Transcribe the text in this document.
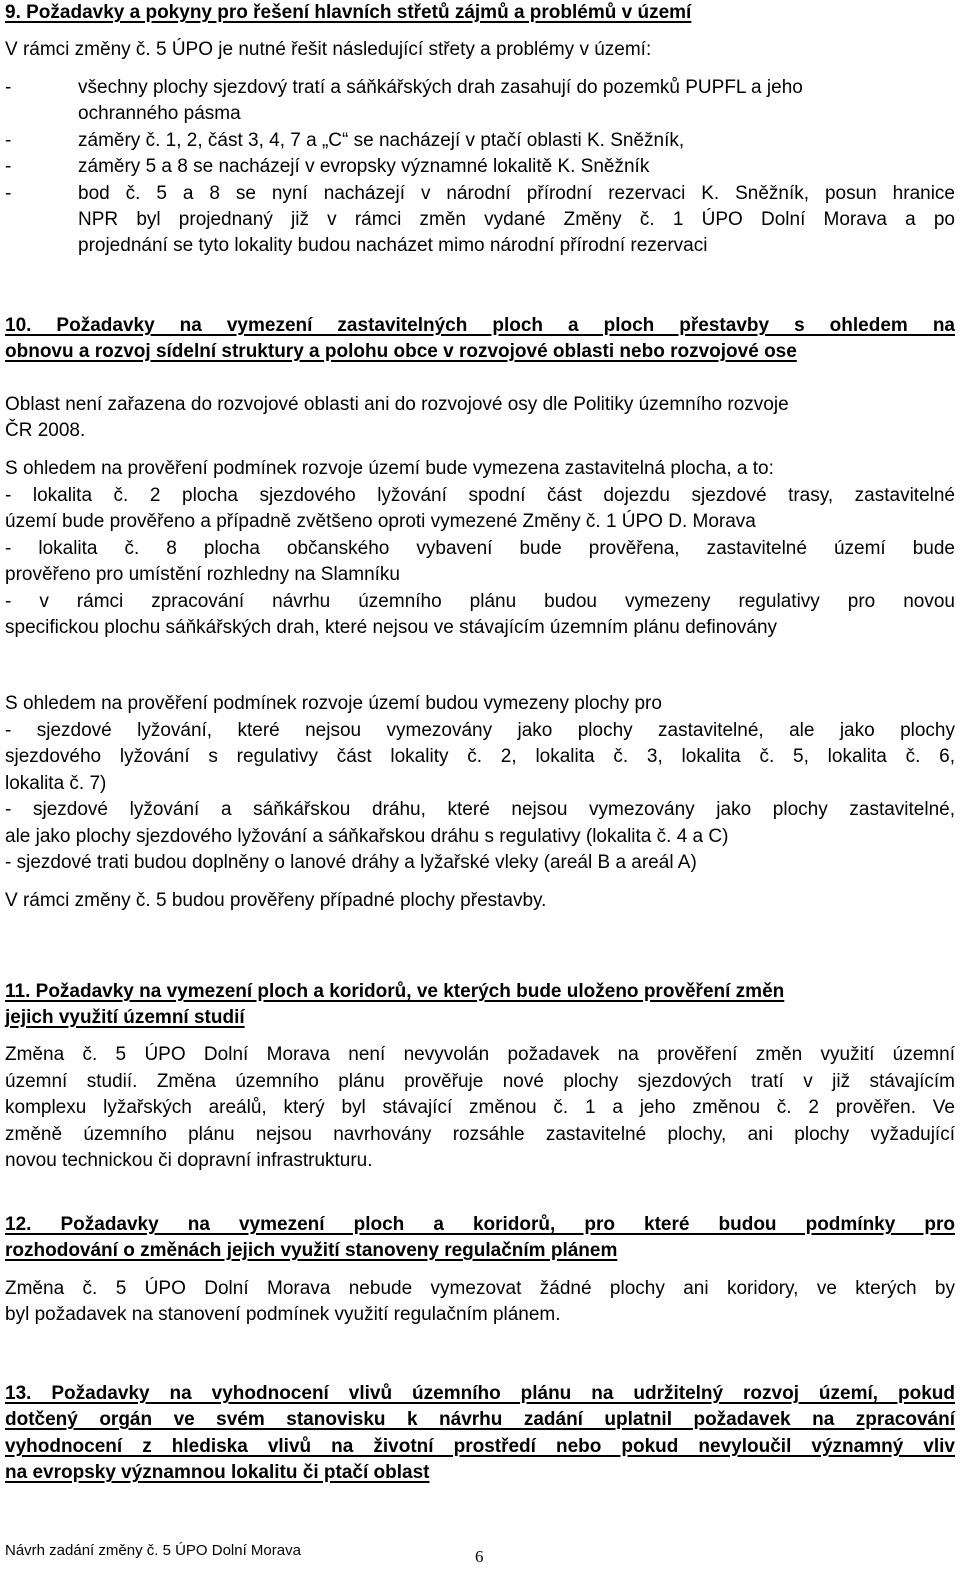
9. Požadavky a pokyny pro řešení hlavních střetů zájmů a problémů v území
V rámci změny č. 5 ÚPO je nutné řešit následující střety a problémy v území:
-	všechny plochy sjezdový tratí a sáňkářských drah zasahují do pozemků PUPFL a jeho
ochranného pásma
-	záměry č. 1, 2, část 3, 4, 7 a „C“ se nacházejí v ptačí oblasti K. Sněžník,
-	záměry 5 a 8 se nacházejí v evropsky významné lokalitě K. Sněžník
-	bod č. 5 a 8 se nyní nacházejí v národní přírodní rezervaci K. Sněžník, posun hranice
NPR byl projednaný již v rámci změn vydané Změny č. 1 ÚPO Dolní Morava a po
projednání se tyto lokality budou nacházet mimo národní přírodní rezervaci
10. Požadavky na vymezení zastavitelných ploch a ploch přestavby s ohledem na
obnovu a rozvoj sídelní struktury a polohu obce v rozvojové oblasti nebo rozvojové ose
Oblast není zařazena do rozvojové oblasti ani do rozvojové osy dle Politiky územního rozvoje
ČR 2008.
S ohledem na prověření podmínek rozvoje území bude vymezena zastavitelná plocha, a to:
- lokalita č. 2 plocha sjezdového lyžování spodní část dojezdu sjezdové trasy, zastavitelné
území bude prověřeno a případně zvětšeno oproti vymezené Změny č. 1 ÚPO D. Morava
- lokalita č. 8 plocha občanského vybavení bude prověřena, zastavitelné území bude
prověřeno pro umístění rozhledny na Slamníku
- v rámci zpracování návrhu územního plánu budou vymezeny regulativy pro novou
specifickou plochu sáňkářských drah, které nejsou ve stávajícím územním plánu definovány
S ohledem na prověření podmínek rozvoje území budou vymezeny plochy pro
- sjezdové lyžování, které nejsou vymezovány jako plochy zastavitelné, ale jako plochy
sjezdového lyžování s regulativy část lokality č. 2, lokalita č. 3, lokalita č. 5, lokalita č. 6,
lokalita č. 7)
- sjezdové lyžování a sáňkářskou dráhu, které nejsou vymezovány jako plochy zastavitelné,
ale jako plochy sjezdového lyžování a sáňkařskou dráhu s regulativy (lokalita č. 4 a C)
- sjezdové trati budou doplněny o lanové dráhy a lyžařské vleky (areál B a areál A)
V rámci změny č. 5 budou prověřeny případné plochy přestavby.
11. Požadavky na vymezení ploch a koridorů, ve kterých bude uloženo prověření změn
jejich využití územní studií
Změna č. 5 ÚPO Dolní Morava není nevyvolán požadavek na prověření změn využití územní
územní studií. Změna územního plánu prověřuje nové plochy sjezdových tratí v již stávajícím
komplexu lyžařských areálů, který byl stávající změnou č. 1 a jeho změnou č. 2 prověřen. Ve
změně územního plánu nejsou navrhovány rozsáhle zastavitelné plochy, ani plochy vyžadující
novou technickou či dopravní infrastrukturu.
12. Požadavky na vymezení ploch a koridorů, pro které budou podmínky pro
rozhodování o změnách jejich využití stanoveny regulačním plánem
Změna č. 5 ÚPO Dolní Morava nebude vymezovat žádné plochy ani koridory, ve kterých by
byl požadavek na stanovení podmínek využití regulačním plánem.
13. Požadavky na vyhodnocení vlivů územního plánu na udržitelný rozvoj území, pokud
dotčený orgán ve svém stanovisku k návrhu zadání uplatnil požadavek na zpracování
vyhodnocení z hlediska vlivů na životní prostředí nebo pokud nevyloučil významný vliv
na evropsky významnou lokalitu či ptačí oblast
Návrh zadání změny č. 5 ÚPO Dolní Morava	6
